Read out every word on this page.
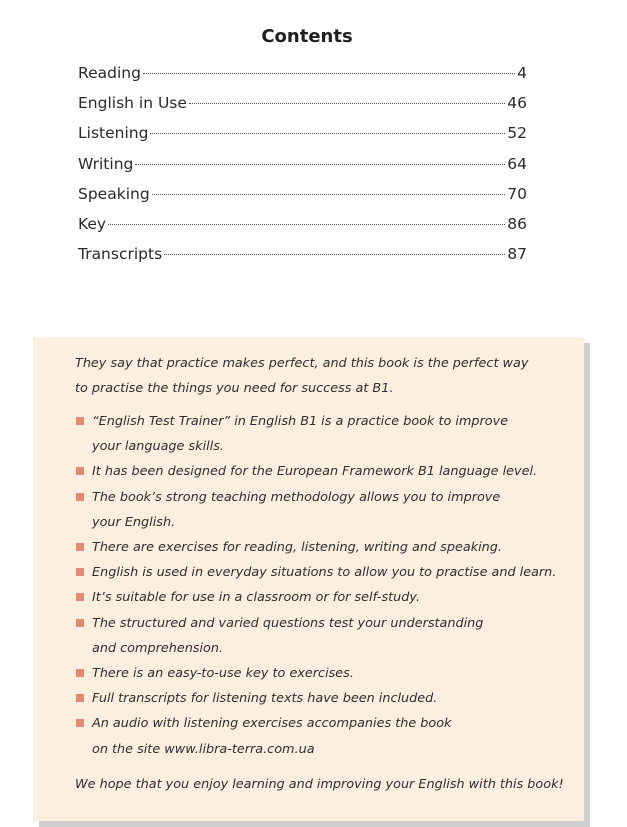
Contents
Reading	4
English in Use	46
Listening	52
Writing	64
Speaking	70
Key	86
Transcripts	87
They say that practice makes perfect, and this book is the perfect way
to practise the things you need for success at B1.
“English Test Trainer” in English B1 is a practice book to improve
your language skills.
It has been designed for the European Framework B1 language level.
The book’s strong teaching methodology allows you to improve
your English.
There are exercises for reading, listening, writing and speaking.
English is used in everyday situations to allow you to practise and learn.
It’s suitable for use in a classroom or for self-study.
The structured and varied questions test your understanding
and comprehension.
There is an easy-to-use key to exercises.
Full transcripts for listening texts have been included.
An audio with listening exercises accompanies the book
on the site www.libra-terra.com.ua
We hope that you enjoy learning and improving your English with this book!
